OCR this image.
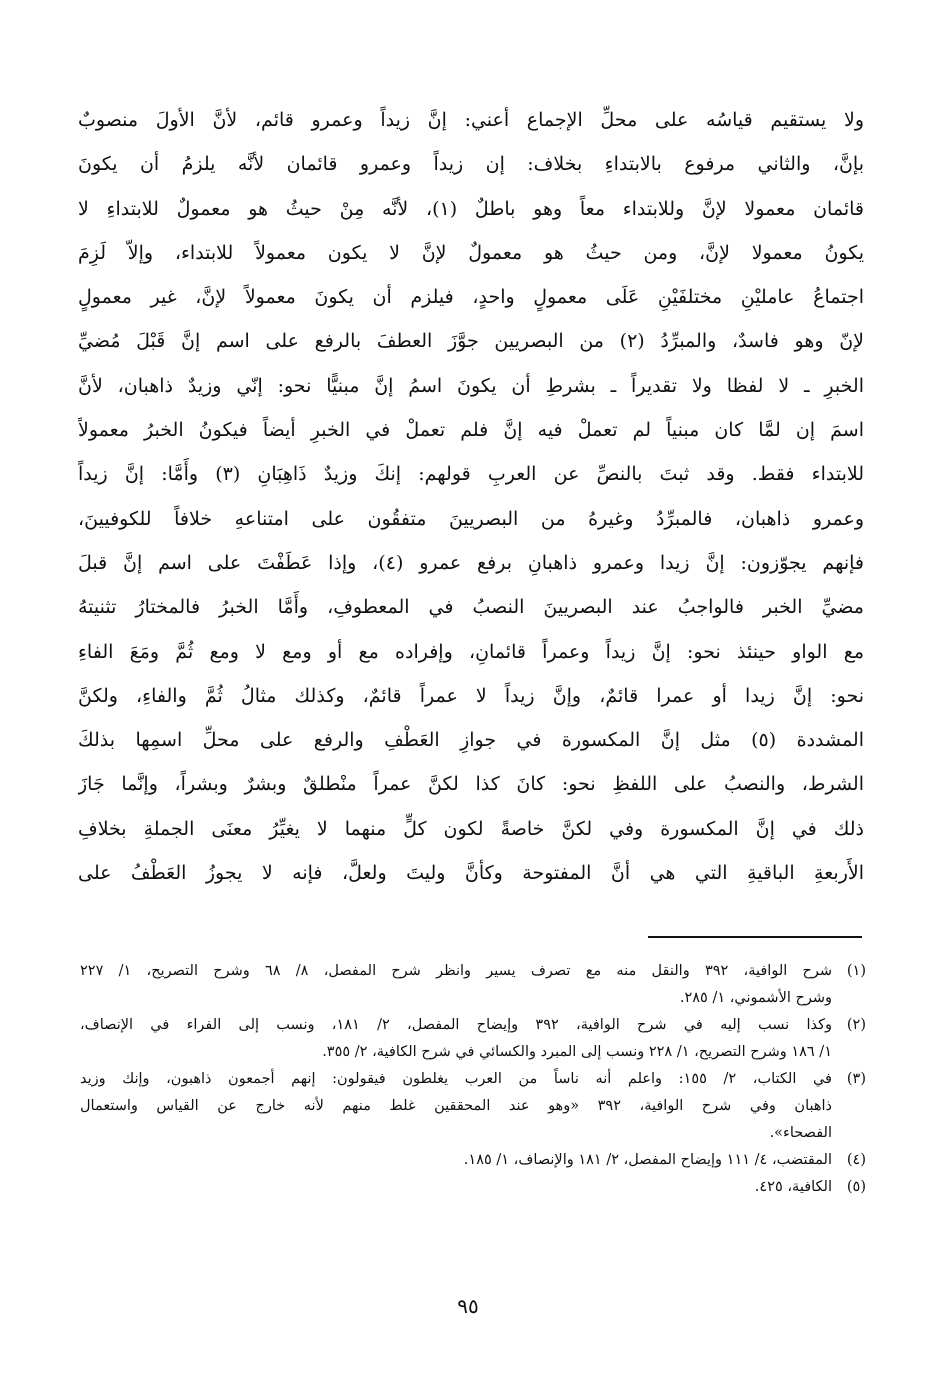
ولا يستقيم قياسُه على محلِّ الإجماع أعني: إنَّ زيداً وعمرو قائم، لأنَّ الأولَ منصوبٌ
بإنَّ، والثاني مرفوع بالابتداءِ بخلاف: إن زيداً وعمرو قائمان لأنَّه يلزمُ أن يكونَ
قائمان معمولا لإنَّ وللابتداء معاً وهو باطلٌ (١)، لأنَّه مِنْ حيثُ هو معمولٌ للابتداءِ لا
يكونُ معمولا لإنَّ، ومن حيثُ هو معمولٌ لإنَّ لا يكون معمولاً للابتداء، وإلاّ لَزِمَ
اجتماعُ عامليْنِ مختلفَيْنِ عَلَى معمولٍ واحدٍ، فيلزم أن يكونَ معمولاً لإنَّ، غير معمولٍ
لإنّ وهو فاسدٌ، والمبرِّدُ (٢) من البصريين جوَّزَ العطفَ بالرفع على اسم إنَّ قَبْلَ مُضيِّ
الخبرِ ـ لا لفظا ولا تقديراً ـ بشرطِ أن يكونَ اسمُ إنَّ مبنيًّا نحو: إنّي وزيدٌ ذاهبان، لأنَّ
اسمَ إن لمَّا كان مبنياً لم تعملْ فيه إنَّ فلم تعملْ في الخبرِ أيضاً فيكونُ الخبرُ معمولاً
للابتداء فقط. وقد ثبتَ بالنصِّ عن العربِ قولهم: إنكَ وزيدٌ ذَاهِبَانِ (٣) وأَمَّا: إنَّ زيداً
وعمرو ذاهبان، فالمبرِّدُ وغيرهُ من البصريينَ متفقُون على امتناعهِ خلافاً للكوفيينَ،
فإنهم يجوّزون: إنَّ زيدا وعمرو ذاهبانِ برفع عمرو (٤)، وإذا عَطَفْتَ على اسم إنَّ قبلَ
مضيِّ الخبر فالواجبُ عند البصريينَ النصبُ في المعطوفِ، وأَمَّا الخبرُ فالمختارُ تثنيتهُ
مع الواو حينئذ نحو: إنَّ زيداً وعمراً قائمانِ، وإفراده مع أو ومع لا ومع ثُمَّ ومَعَ الفاءِ
نحو: إنَّ زيدا أو عمرا قائمٌ، وإنَّ زيداً لا عمراً قائمٌ، وكذلك مثالُ ثُمَّ والفاءِ، ولكنَّ
المشددة (٥) مثل إنَّ المكسورة في جوازِ العَطْفِ والرفع على محلِّ اسمِها بذلكَ
الشرط، والنصبُ على اللفظِ نحو: كانَ كذا لكنَّ عمراً منْطلقٌ وبشرٌ وبشراً، وإنَّما جَازَ
ذلك في إنَّ المكسورة وفي لكنَّ خاصةً لكون كلٍّ منهما لا يغيِّرُ معنَى الجملةِ بخلافِ
الأَربعةِ الباقيةِ التي هي أنَّ المفتوحة وكأنَّ وليتَ ولعلَّ، فإنه لا يجوزُ العَطْفُ على
(١)
شرح الوافية، ٣٩٢ والنقل منه مع تصرف يسير وانظر شرح المفصل، ٨/ ٦٨ وشرح التصريح، ١/ ٢٢٧
وشرح الأشموني، ١/ ٢٨٥.
(٢)
وكذا نسب إليه في شرح الوافية، ٣٩٢ وإيضاح المفصل، ٢/ ١٨١، ونسب إلى الفراء في الإنصاف،
١/ ١٨٦ وشرح التصريح، ١/ ٢٢٨ ونسب إلى المبرد والكسائي في شرح الكافية، ٢/ ٣٥٥.
(٣)
في الكتاب، ٢/ ١٥٥: واعلم أنه ناساً من العرب يغلطون فيقولون: إنهم أجمعون ذاهبون، وإنك وزيد
ذاهبان وفي شرح الوافية، ٣٩٢ «وهو عند المحققين غلط منهم لأنه خارج عن القياس واستعمال
الفصحاء».
(٤)
المقتضب، ٤/ ١١١ وإيضاح المفصل، ٢/ ١٨١ والإنصاف، ١/ ١٨٥.
(٥)
الكافية، ٤٢٥.
٩٥
